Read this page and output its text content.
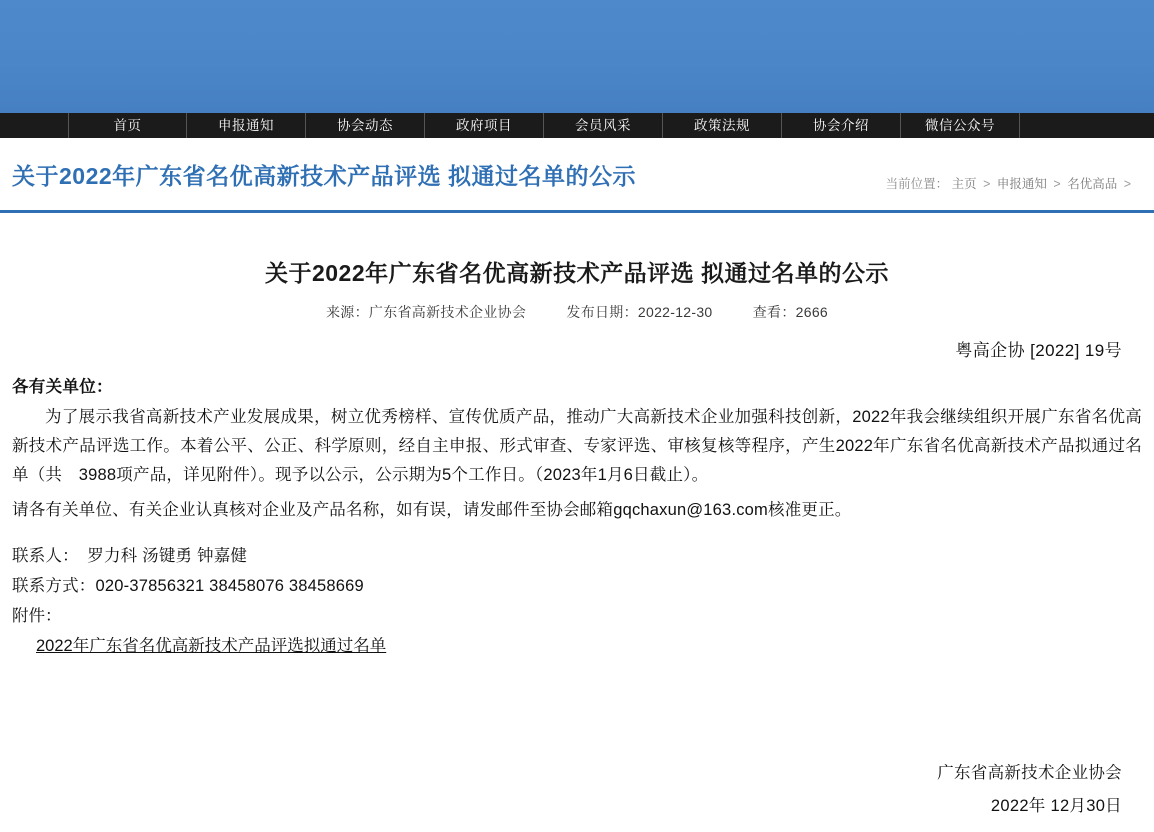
首页	申报通知	协会动态	政府项目	会员风采	政策法规	协会介绍	微信公众号
关于2022年广东省名优高新技术产品评选 拟通过名单的公示	当前位置： 主页 > 申报通知 > 名优高品 >
关于2022年广东省名优高新技术产品评选 拟通过名单的公示
来源：广东省高新技术企业协会	发布日期：2022-12-30	查看：2666
粤高企协 [2022] 19号
各有关单位：
为了展示我省高新技术产业发展成果，树立优秀榜样、宣传优质产品，推动广大高新技术企业加强科技创新，2022年我会继续组织开展广东省名优高新技术产品评选工作。本着公平、公正、科学原则，经自主申报、形式审查、专家评选、审核复核等程序，产生2022年广东省名优高新技术产品拟通过名单（共　3988项产品，详见附件）。现予以公示，公示期为5个工作日。（2023年1月6日截止）。
请各有关单位、有关企业认真核对企业及产品名称，如有误，请发邮件至协会邮箱gqchaxun@163.com核准更正。
联系人：　罗力科 汤键勇 钟嘉健
联系方式：020-37856321 38458076 38458669
附件：
2022年广东省名优高新技术产品评选拟通过名单
广东省高新技术企业协会
2022年 12月30日
